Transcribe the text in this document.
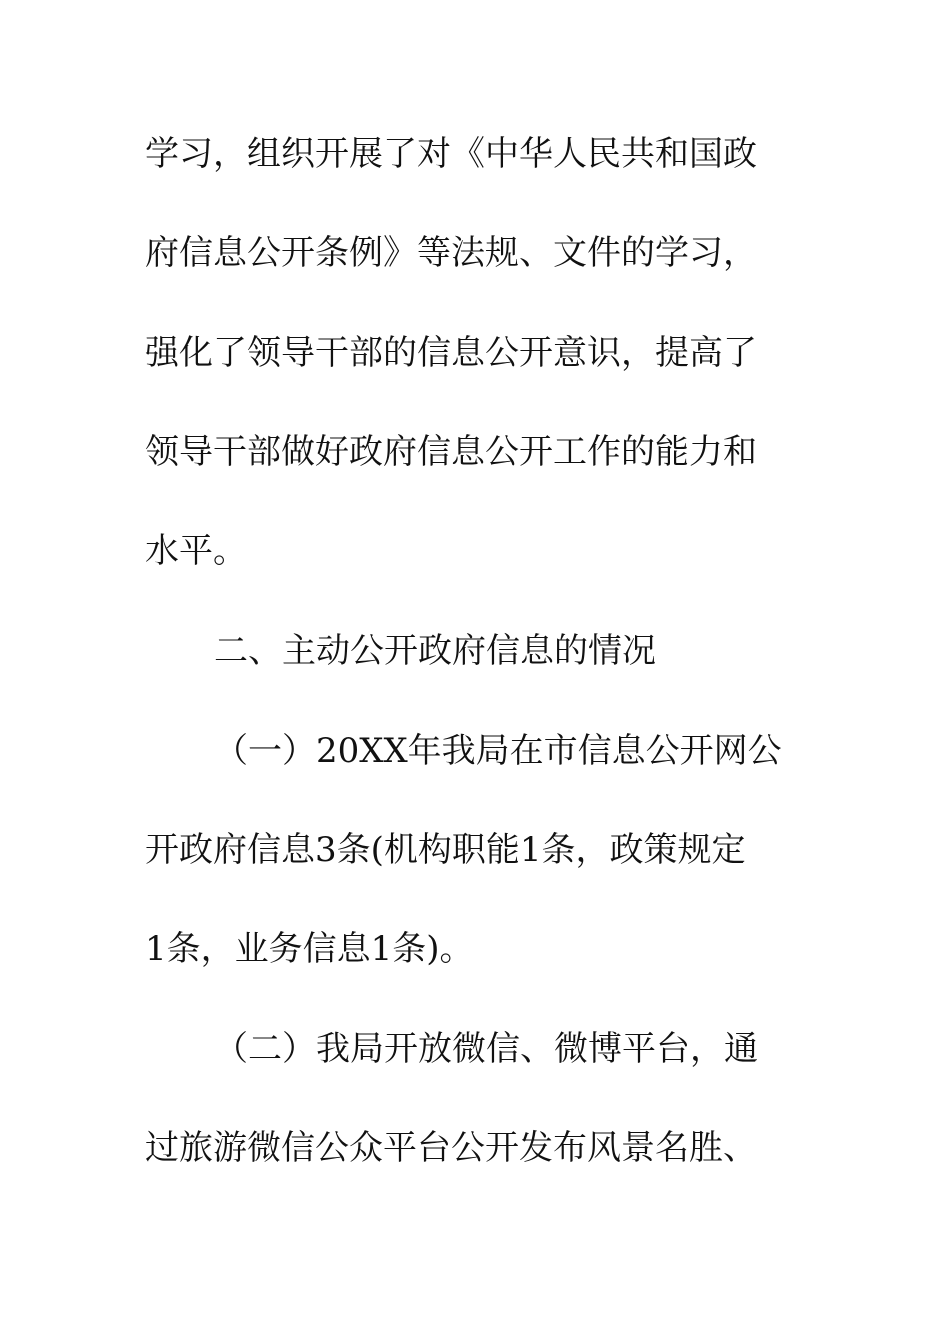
学习，组织开展了对《中华人民共和国政
府信息公开条例》等法规、文件的学习，
强化了领导干部的信息公开意识，提高了
领导干部做好政府信息公开工作的能力和
水平。
二、主动公开政府信息的情况
（一）20XX年我局在市信息公开网公
开政府信息3条(机构职能1条，政策规定
1条，业务信息1条)。
（二）我局开放微信、微博平台，通
过旅游微信公众平台公开发布风景名胜、
